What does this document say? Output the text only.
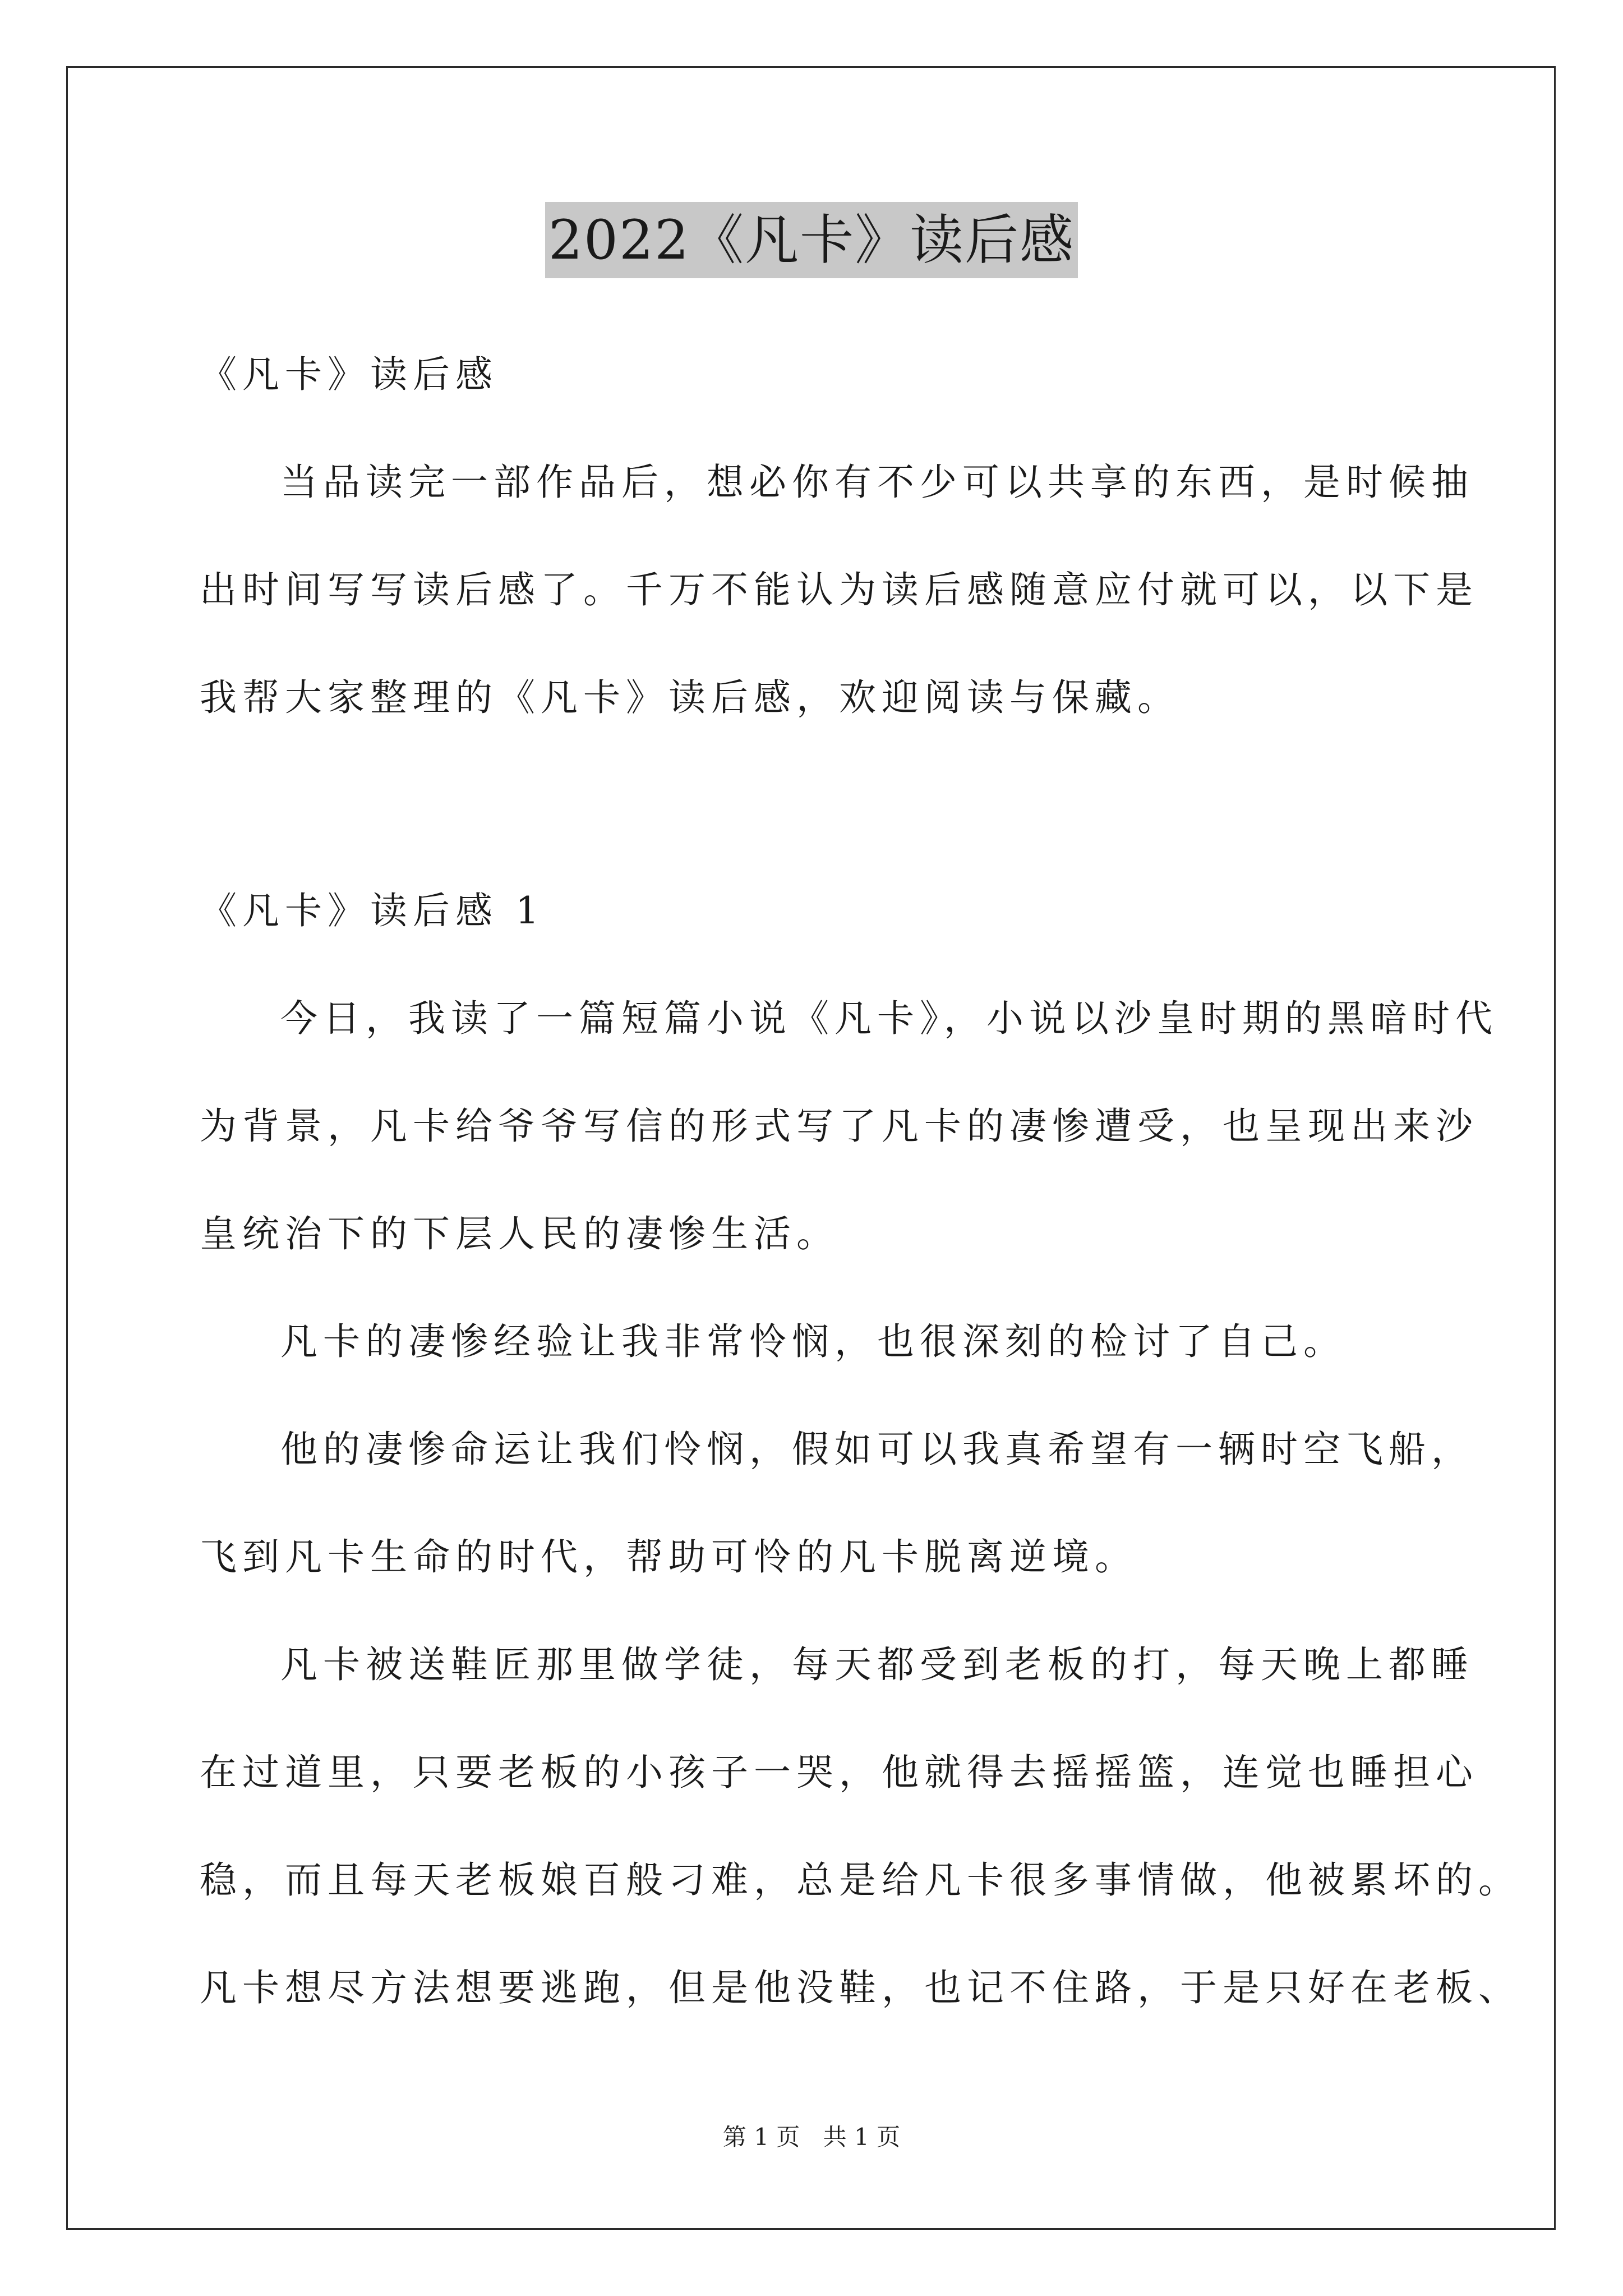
2022《凡卡》读后感
《凡卡》读后感
当品读完一部作品后，想必你有不少可以共享的东西，是时候抽
出时间写写读后感了。千万不能认为读后感随意应付就可以，以下是
我帮大家整理的《凡卡》读后感，欢迎阅读与保藏。
《凡卡》读后感 1
今日，我读了一篇短篇小说《凡卡》，小说以沙皇时期的黑暗时代
为背景，凡卡给爷爷写信的形式写了凡卡的凄惨遭受，也呈现出来沙
皇统治下的下层人民的凄惨生活。
凡卡的凄惨经验让我非常怜悯，也很深刻的检讨了自己。
他的凄惨命运让我们怜悯，假如可以我真希望有一辆时空飞船，
飞到凡卡生命的时代，帮助可怜的凡卡脱离逆境。
凡卡被送鞋匠那里做学徒，每天都受到老板的打，每天晚上都睡
在过道里，只要老板的小孩子一哭，他就得去摇摇篮，连觉也睡担心
稳，而且每天老板娘百般刁难，总是给凡卡很多事情做，他被累坏的。
凡卡想尽方法想要逃跑，但是他没鞋，也记不住路，于是只好在老板、
第 1 页 共 1 页
